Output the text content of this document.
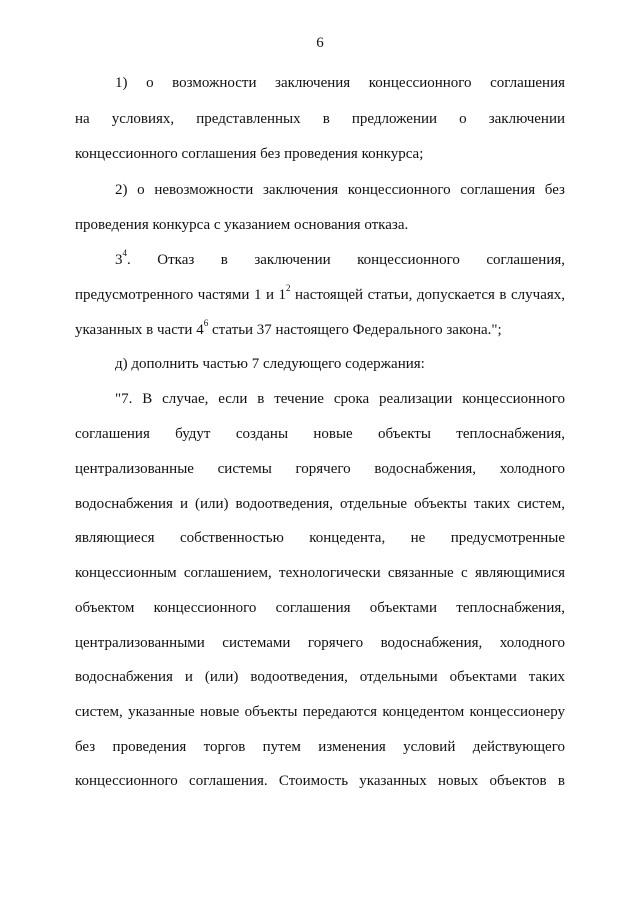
6
1) о возможности заключения концессионного соглашения
на условиях, представленных в предложении о заключении
концессионного соглашения без проведения конкурса;
2) о невозможности заключения концессионного соглашения без
проведения конкурса с указанием основания отказа.
$3^4$. Отказ в заключении концессионного соглашения,
предусмотренного частями 1 и $1^2$ настоящей статьи, допускается в случаях,
указанных в части $4^6$ статьи 37 настоящего Федерального закона.";
д) дополнить частью 7 следующего содержания:
"7. В случае, если в течение срока реализации концессионного
соглашения будут созданы новые объекты теплоснабжения,
централизованные системы горячего водоснабжения, холодного
водоснабжения и (или) водоотведения, отдельные объекты таких систем,
являющиеся собственностью концедента, не предусмотренные
концессионным соглашением, технологически связанные с являющимися
объектом концессионного соглашения объектами теплоснабжения,
централизованными системами горячего водоснабжения, холодного
водоснабжения и (или) водоотведения, отдельными объектами таких
систем, указанные новые объекты передаются концедентом концессионеру
без проведения торгов путем изменения условий действующего
концессионного соглашения. Стоимость указанных новых объектов в
